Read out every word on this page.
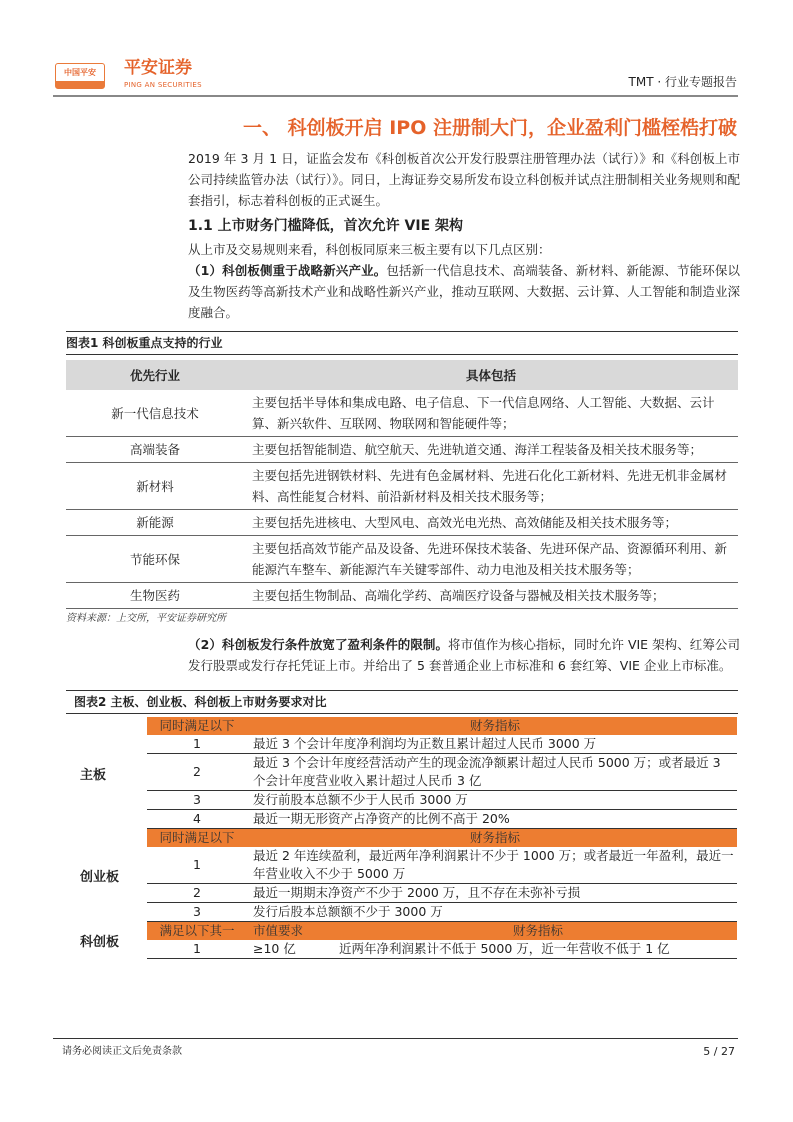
中国平安	平安证券
PING AN SECURITIES	TMT · 行业专题报告
一、 科创板开启 IPO 注册制大门，企业盈利门槛桎梏打破
2019 年 3 月 1 日，证监会发布《科创板首次公开发行股票注册管理办法（试行）》和《科创板上市公司持续监管办法（试行）》。同日，上海证券交易所发布设立科创板并试点注册制相关业务规则和配套指引，标志着科创板的正式诞生。
1.1 上市财务门槛降低，首次允许 VIE 架构
从上市及交易规则来看，科创板同原来三板主要有以下几点区别：
（1）科创板侧重于战略新兴产业。包括新一代信息技术、高端装备、新材料、新能源、节能环保以及生物医药等高新技术产业和战略性新兴产业，推动互联网、大数据、云计算、人工智能和制造业深度融合。
图表1 科创板重点支持的行业
优先行业	具体包括
新一代信息技术	主要包括半导体和集成电路、电子信息、下一代信息网络、人工智能、大数据、云计算、新兴软件、互联网、物联网和智能硬件等；
高端装备	主要包括智能制造、航空航天、先进轨道交通、海洋工程装备及相关技术服务等；
新材料	主要包括先进钢铁材料、先进有色金属材料、先进石化化工新材料、先进无机非金属材料、高性能复合材料、前沿新材料及相关技术服务等；
新能源	主要包括先进核电、大型风电、高效光电光热、高效储能及相关技术服务等；
节能环保	主要包括高效节能产品及设备、先进环保技术装备、先进环保产品、资源循环利用、新能源汽车整车、新能源汽车关键零部件、动力电池及相关技术服务等；
生物医药	主要包括生物制品、高端化学药、高端医疗设备与器械及相关技术服务等；
资料来源：上交所，平安证券研究所
（2）科创板发行条件放宽了盈利条件的限制。将市值作为核心指标，同时允许 VIE 架构、红筹公司发行股票或发行存托凭证上市。并给出了 5 套普通企业上市标准和 6 套红筹、VIE 企业上市标准。
图表2 主板、创业板、科创板上市财务要求对比
主板
同时满足以下	财务指标
1	最近 3 个会计年度净利润均为正数且累计超过人民币 3000 万
2
最近 3 个会计年度经营活动产生的现金流净额累计超过人民币 5000 万；或者最近 3 个会计年度营业收入累计超过人民币 3 亿
3	发行前股本总额不少于人民币 3000 万
4	最近一期无形资产占净资产的比例不高于 20%
创业板
同时满足以下	财务指标
1
最近 2 年连续盈利，最近两年净利润累计不少于 1000 万；或者最近一年盈利，最近一年营业收入不少于 5000 万
2	最近一期期末净资产不少于 2000 万，且不存在未弥补亏损
3	发行后股本总额额不少于 3000 万
科创板
满足以下其一	市值要求	财务指标
1	≥10 亿	近两年净利润累计不低于 5000 万，近一年营收不低于 1 亿
请务必阅读正文后免责条款	5 / 27
